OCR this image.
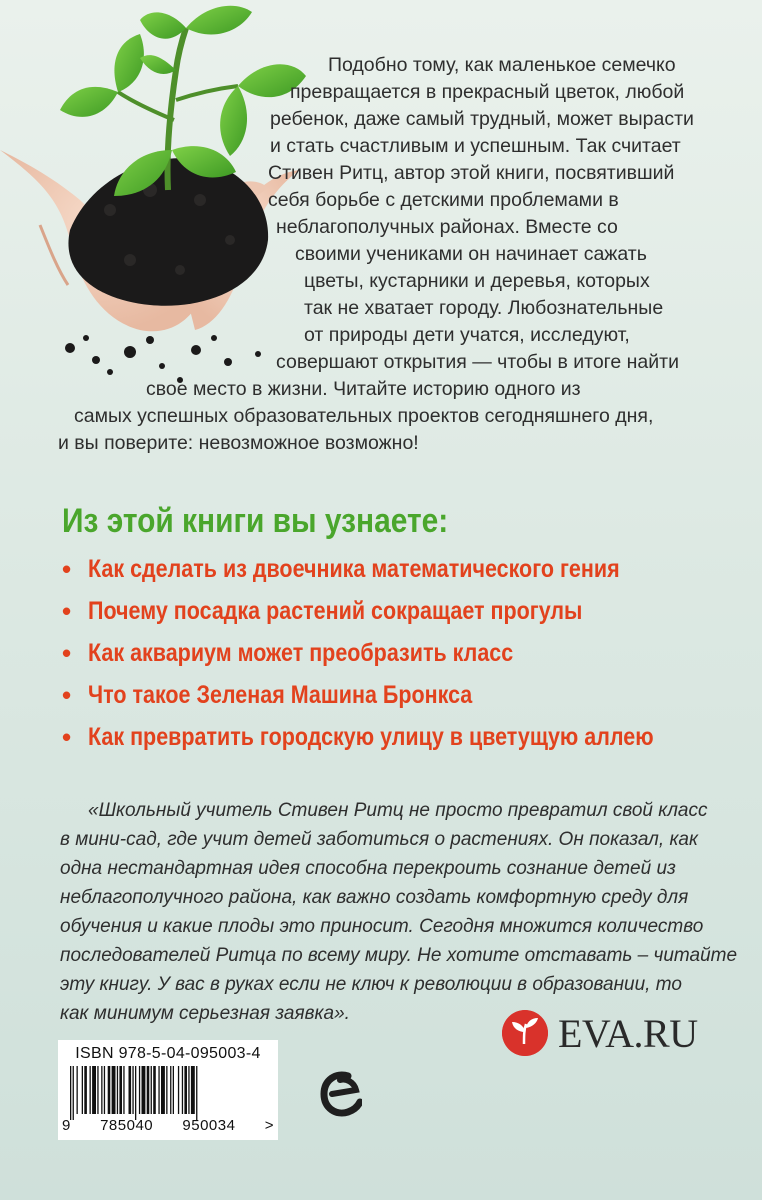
Подобно тому, как маленькое семечко
превращается в прекрасный цветок, любой
ребенок, даже самый трудный, может вырасти
и стать счастливым и успешным. Так считает
Стивен Ритц, автор этой книги, посвятивший
себя борьбе с детскими проблемами в
неблагополучных районах. Вместе со
своими учениками он начинает сажать
цветы, кустарники и деревья, которых
так не хватает городу. Любознательные
от природы дети учатся, исследуют,
совершают открытия — чтобы в итоге найти
свое место в жизни. Читайте историю одного из
самых успешных образовательных проектов сегодняшнего дня,
и вы поверите: невозможное возможно!
Из этой книги вы узнаете:
• Как сделать из двоечника математического гения
• Почему посадка растений сокращает прогулы
• Как аквариум может преобразить класс
• Что такое Зеленая Машина Бронкса
• Как превратить городскую улицу в цветущую аллею
«Школьный учитель Стивен Ритц не просто превратил свой класс
в мини-сад, где учит детей заботиться о растениях. Он показал, как
одна нестандартная идея способна перекроить сознание детей из
неблагополучного района, как важно создать комфортную среду для
обучения и какие плоды это приносит. Сегодня множится количество
последователей Ритца по всему миру. Не хотите отставать – читайте
эту книгу. У вас в руках если не ключ к революции в образовании, то
как минимум серьезная заявка».	EVA.RU
ISBN 978-5-04-095003-4
9 785040 950034 >
